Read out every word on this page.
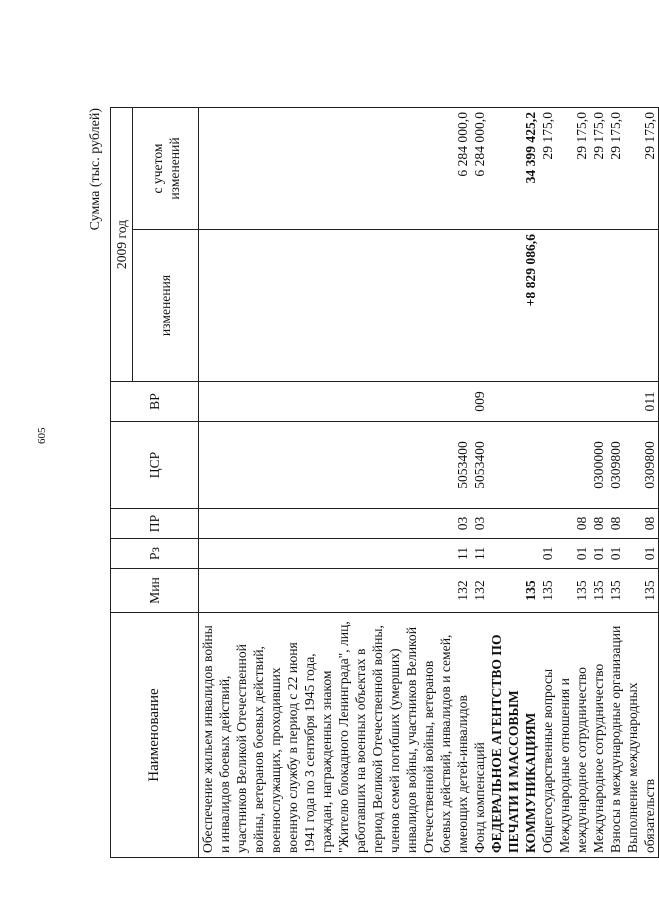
605
Сумма (тыс. рублей)
Наименование	Мин	Рз	ПР	ЦСР	ВР	2009 год	
						изменения	с учетом изменений
Обеспечение жильем инвалидов войны и инвалидов боевых действий, участников Великой Отечественной войны, ветеранов боевых действий, военнослужащих, проходивших военную службу в период с 22 июня 1941 года по 3 сентября 1945 года, граждан, награжденных знаком "Жителю блокадного Ленинграда", лиц, работавших на военных объектах в период Великой Отечественной войны, членов семей погибших (умерших) инвалидов войны, участников Великой Отечественной войны, ветеранов боевых действий, инвалидов и семей, имеющих детей-инвалидов	132	11	03	5053400			6 284 000,0
Фонд компенсаций	132	11	03	5053400	009		6 284 000,0
ФЕДЕРАЛЬНОЕ АГЕНТСТВО ПО ПЕЧАТИ И МАССОВЫМ КОММУНИКАЦИЯМ	135					+8 829 086,6	34 399 425,2
Общегосударственные вопросы	135	01					29 175,0
Международные отношения и международное сотрудничество	135	01	08				29 175,0
Международное сотрудничество	135	01	08	0300000			29 175,0
Взносы в международные организации	135	01	08	0309800			29 175,0
Выполнение международных обязательств	135	01	08	0309800	011		29 175,0
